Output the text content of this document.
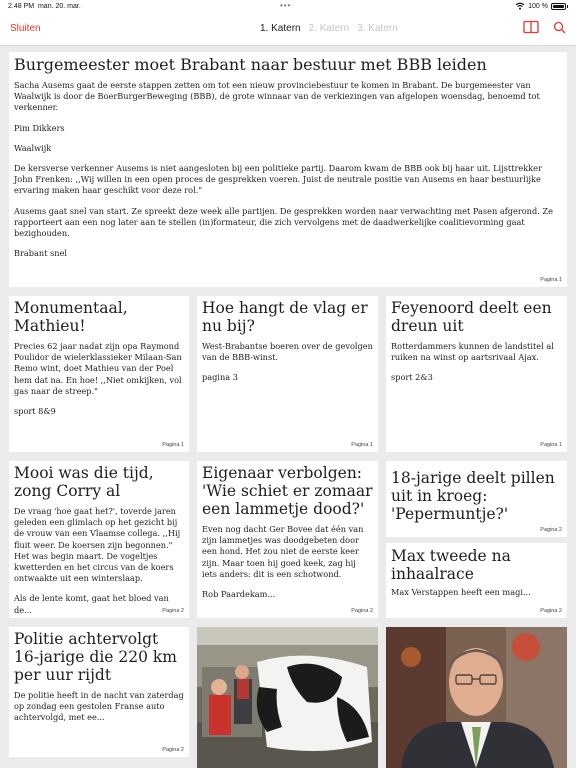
2.48 PM man. 20. mar.	•••	100 %
Sluiten	1. Katern 2. Katern 3. Katern
Burgemeester moet Brabant naar bestuur met BBB leiden

Sacha Ausems gaat de eerste stappen zetten om tot een nieuw provinciebestuur te komen in Brabant. De burgemeester van Waalwijk is door de BoerBurgerBeweging (BBB), de grote winnaar van de verkiezingen van afgelopen woensdag, benoemd tot verkenner.

Pim Dikkers

Waalwijk

De kersverse verkenner Ausems is niet aangesloten bij een politieke partij. Daarom kwam de BBB ook bij haar uit. Lijsttrekker John Frenken: ,,Wij willen in een open proces de gesprekken voeren. Juist de neutrale positie van Ausems en haar bestuurlijke ervaring maken haar geschikt voor deze rol."

Ausems gaat snel van start. Ze spreekt deze week alle partijen. De gesprekken worden naar verwachting met Pasen afgerond. Ze rapporteert aan een nog later aan te stellen (in)formateur, die zich vervolgens met de daadwerkelijke coalitievorming gaat bezighouden.

Brabant snel

Pagina 1
Monumentaal, Mathieu!

Precies 62 jaar nadat zijn opa Raymond Poulidor de wielerklassieker Milaan-San Remo wint, doet Mathieu van der Poel hem dat na. En hoe! ,,Niet omkijken, vol gas naar de streep."

sport 8&9

Pagina 1
Hoe hangt de vlag er nu bij?

West-Brabantse boeren over de gevolgen van de BBB-winst.

pagina 3

Pagina 1
Feyenoord deelt een dreun uit

Rotterdammers kunnen de landstitel al ruiken na winst op aartsrivaal Ajax.

sport 2&3

Pagina 1
Mooi was die tijd, zong Corry al

De vraag 'hoe gaat het?', toverde jaren geleden een glimlach op het gezicht bij de vrouw van een Vlaamse collega. ,,Hij fluit weer. De koersen zijn begonnen." Het was begin maart. De vogeltjes kwetterden en het circus van de koers ontwaakte uit een winterslaap.

Als de lente komt, gaat het bloed van de...	Pagina 2
Eigenaar verbolgen: 'Wie schiet er zomaar een lammetje dood?'

Even nog dacht Ger Bovee dat één van zijn lammetjes was doodgebeten door een hond. Het zou niet de eerste keer zijn. Maar toen hij goed keek, zag hij iets anders: dit is een schotwond.

Rob Paardekam...

Pagina 2
18-jarige deelt pillen uit in kroeg: 'Pepermuntje?'
Pagina 2
Max tweede na inhaalrace

Max Verstappen heeft een magi...

Pagina 2
Politie achtervolgt 16-jarige die 220 km per uur rijdt

De politie heeft in de nacht van zaterdag op zondag een gestolen Franse auto achtervolgd, met ee...

Pagina 2
